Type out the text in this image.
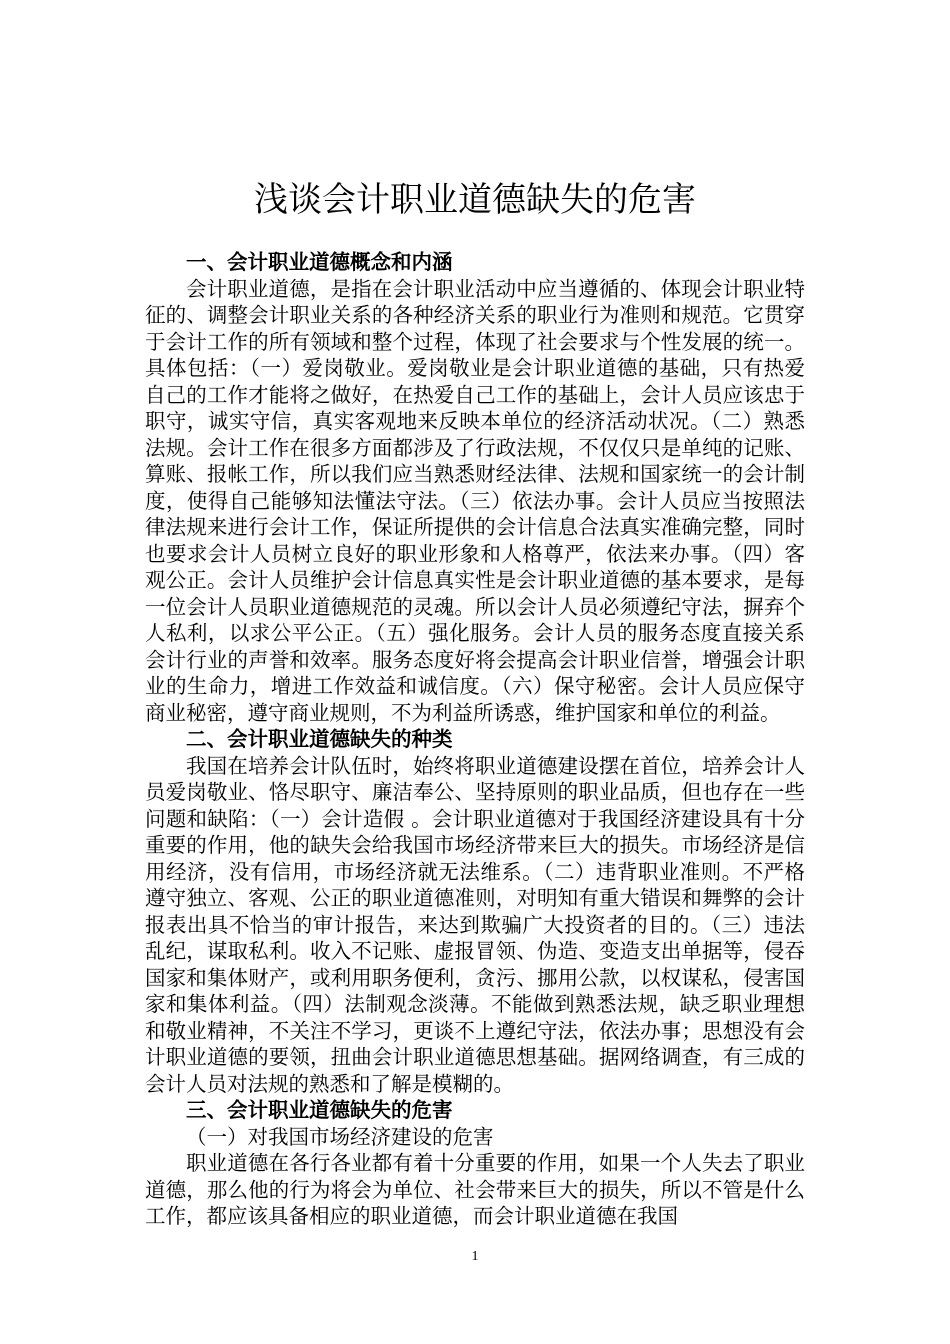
浅谈会计职业道德缺失的危害
一、会计职业道德概念和内涵

会计职业道德，是指在会计职业活动中应当遵循的、体现会计职业特征的、调整会计职业关系的各种经济关系的职业行为准则和规范。它贯穿于会计工作的所有领域和整个过程，体现了社会要求与个性发展的统一。具体包括：（一）爱岗敬业。爱岗敬业是会计职业道德的基础，只有热爱自己的工作才能将之做好，在热爱自己工作的基础上，会计人员应该忠于职守，诚实守信，真实客观地来反映本单位的经济活动状况。（二）熟悉法规。会计工作在很多方面都涉及了行政法规，不仅仅只是单纯的记账、算账、报帐工作，所以我们应当熟悉财经法律、法规和国家统一的会计制度，使得自己能够知法懂法守法。（三）依法办事。会计人员应当按照法律法规来进行会计工作，保证所提供的会计信息合法真实准确完整，同时也要求会计人员树立良好的职业形象和人格尊严，依法来办事。（四）客观公正。会计人员维护会计信息真实性是会计职业道德的基本要求，是每一位会计人员职业道德规范的灵魂。所以会计人员必须遵纪守法，摒弃个人私利，以求公平公正。（五）强化服务。会计人员的服务态度直接关系会计行业的声誉和效率。服务态度好将会提高会计职业信誉，增强会计职业的生命力，增进工作效益和诚信度。（六）保守秘密。会计人员应保守商业秘密，遵守商业规则，不为利益所诱惑，维护国家和单位的利益。

二、会计职业道德缺失的种类

我国在培养会计队伍时，始终将职业道德建设摆在首位，培养会计人员爱岗敬业、恪尽职守、廉洁奉公、坚持原则的职业品质，但也存在一些问题和缺陷：（一）会计造假 。会计职业道德对于我国经济建设具有十分重要的作用，他的缺失会给我国市场经济带来巨大的损失。市场经济是信用经济，没有信用，市场经济就无法维系。（二）违背职业准则。不严格遵守独立、客观、公正的职业道德准则，对明知有重大错误和舞弊的会计报表出具不恰当的审计报告，来达到欺骗广大投资者的目的。（三）违法乱纪，谋取私利。收入不记账、虚报冒领、伪造、变造支出单据等，侵吞国家和集体财产，或利用职务便利，贪污、挪用公款，以权谋私，侵害国家和集体利益。（四）法制观念淡薄。不能做到熟悉法规，缺乏职业理想和敬业精神，不关注不学习，更谈不上遵纪守法，依法办事；思想没有会计职业道德的要领，扭曲会计职业道德思想基础。据网络调查，有三成的会计人员对法规的熟悉和了解是模糊的。

三、会计职业道德缺失的危害
（一）对我国市场经济建设的危害

职业道德在各行各业都有着十分重要的作用，如果一个人失去了职业道德，那么他的行为将会为单位、社会带来巨大的损失，所以不管是什么工作，都应该具备相应的职业道德，而会计职业道德在我国

1
